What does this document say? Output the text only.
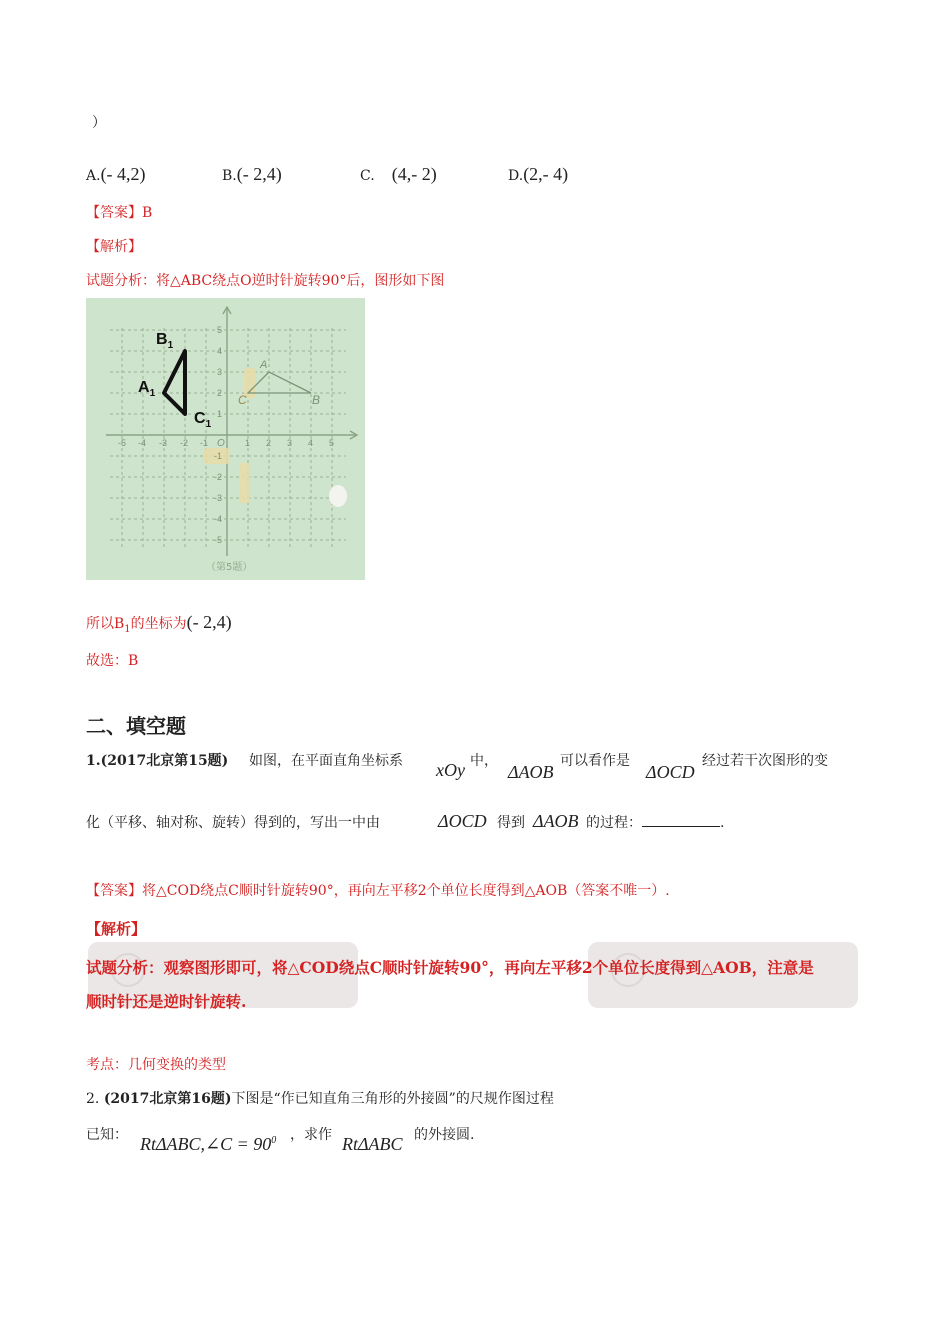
）
A.(- 4,2)	B.(- 2,4)	C. (4,- 2)	D.(2,- 4)
【答案】B
【解析】
试题分析：将△ABC绕点O逆时针旋转90°后，图形如下图
$B_1$
$A_1$
$C_1$
A
B
C
O
-5 -4 -3 -2 -1	1 2 3 4 5
5
4
3
2
1
-1
-2
-3
-4
-5
（第5题）
所以$B_1$的坐标为(- 2,4)
故选：B
二、填空题
1.(2017北京第15题) 如图，在平面直角坐标系 xOy 中，
ΔAOB
可以看作是
ΔOCD
经过若干次图形的变
化（平移、轴对称、旋转）得到的，写出一中由	ΔOCD 得到 ΔAOB 的过程：	.
【答案】将△COD绕点C顺时针旋转90°，再向左平移2个单位长度得到△AOB（答案不唯一）.
【解析】
试题分析：观察图形即可，将△COD绕点C顺时针旋转90°，再向左平移2个单位长度得到△AOB，注意是
顺时针还是逆时针旋转.
考点：几何变换的类型
2. (2017北京第16题)下图是“作已知直角三角形的外接圆”的尺规作图过程
已知： RtΔABC,∠C = $90^0$ ，求作 RtΔABC 的外接圆.
